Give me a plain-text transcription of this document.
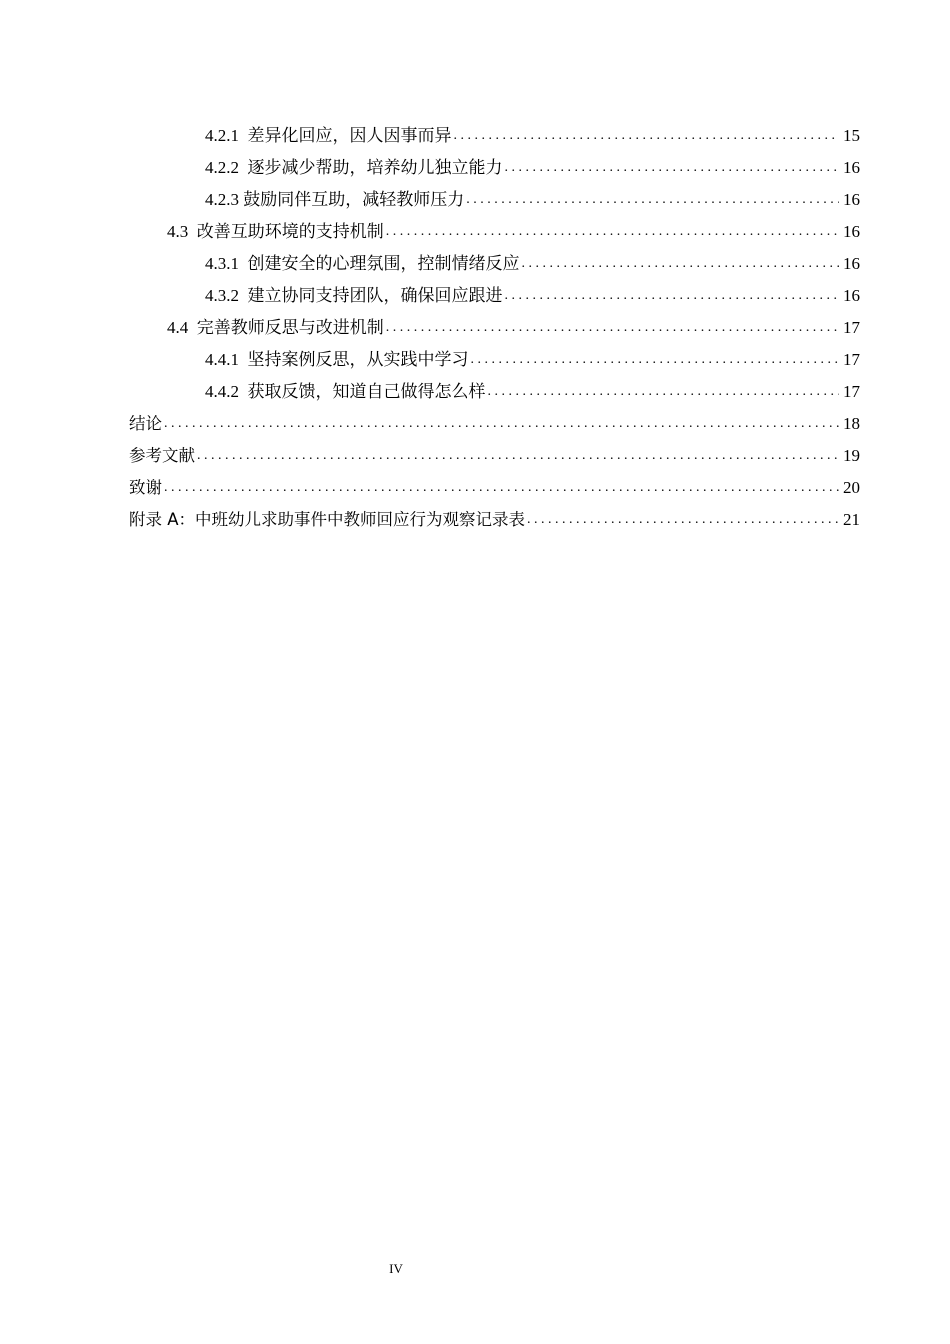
4.2.1 差异化回应，因人因事而异 . . .	15
4.2.2 逐步减少帮助，培养幼儿独立能力 . . .	16
4.2.3 鼓励同伴互助，减轻教师压力 . . .	16
4.3 改善互助环境的支持机制 . . .	16
4.3.1 创建安全的心理氛围，控制情绪反应 . . .	16
4.3.2 建立协同支持团队，确保回应跟进 . . .	16
4.4 完善教师反思与改进机制 . . .	17
4.4.1 坚持案例反思，从实践中学习 . . .	17
4.4.2 获取反馈，知道自己做得怎么样 . . .	17
结论 . . .	18
参考文献 . . .	19
致谢 . . .	20
附录 A：中班幼儿求助事件中教师回应行为观察记录表 . . .	21
IV
